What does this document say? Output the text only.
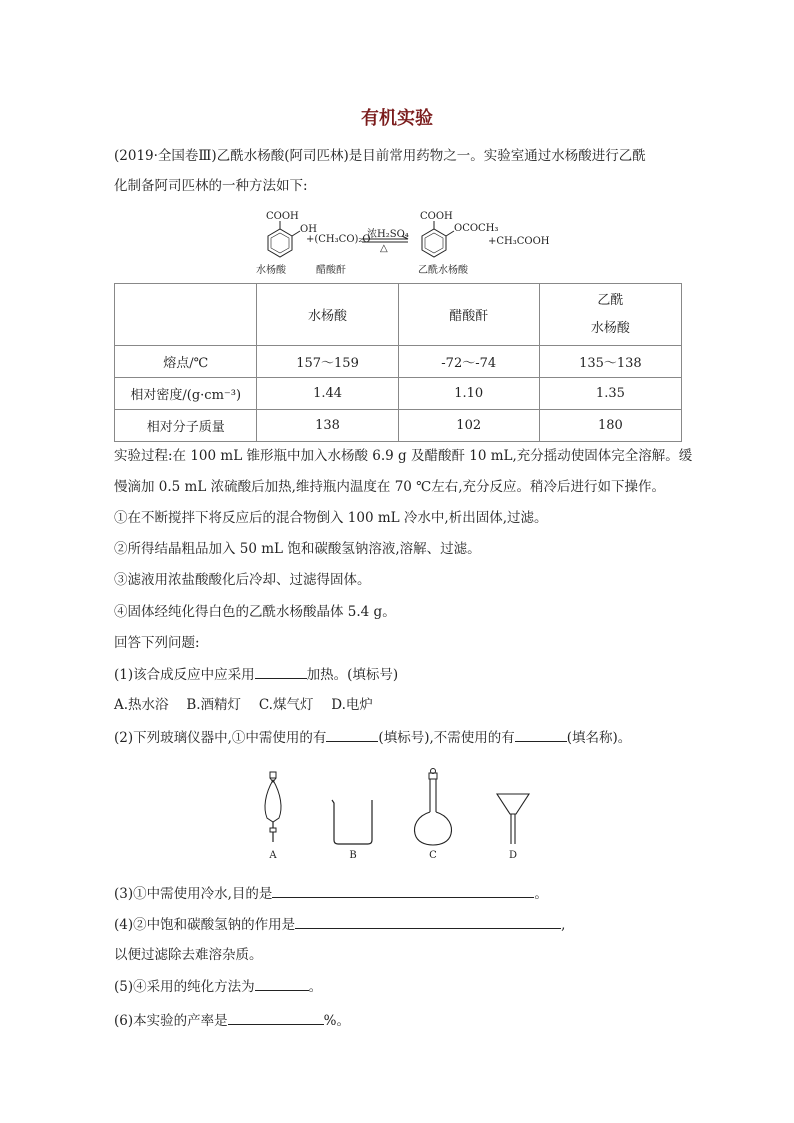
有机实验
(2019·全国卷Ⅲ)乙酰水杨酸(阿司匹林)是目前常用药物之一。实验室通过水杨酸进行乙酰
化制备阿司匹林的一种方法如下:
COOH
OH
+(CH₃CO)₂O
浓H₂SO₄
△
COOH
OCOCH₃
+CH₃COOH
水杨酸	醋酸酐	乙酰水杨酸
	水杨酸	醋酸酐	乙酰
水杨酸

熔点/℃	157～159	-72～-74	135～138
相对密度/(g·cm⁻³)	1.44	1.10	1.35
相对分子质量	138	102	180
实验过程:在 100 mL 锥形瓶中加入水杨酸 6.9 g 及醋酸酐 10 mL,充分摇动使固体完全溶解。缓
慢滴加 0.5 mL 浓硫酸后加热,维持瓶内温度在 70 ℃左右,充分反应。稍冷后进行如下操作。
①在不断搅拌下将反应后的混合物倒入 100 mL 冷水中,析出固体,过滤。
②所得结晶粗品加入 50 mL 饱和碳酸氢钠溶液,溶解、过滤。
③滤液用浓盐酸酸化后冷却、过滤得固体。
④固体经纯化得白色的乙酰水杨酸晶体 5.4 g。
回答下列问题:
(1)该合成反应中应采用	加热。(填标号)
A.热水浴　 B.酒精灯　 C.煤气灯　 D.电炉
(2)下列玻璃仪器中,①中需使用的有	(填标号),不需使用的有	(填名称)。
A	B	C	D
(3)①中需使用冷水,目的是	。
(4)②中饱和碳酸氢钠的作用是	,
以便过滤除去难溶杂质。
(5)④采用的纯化方法为	。
(6)本实验的产率是	%。
